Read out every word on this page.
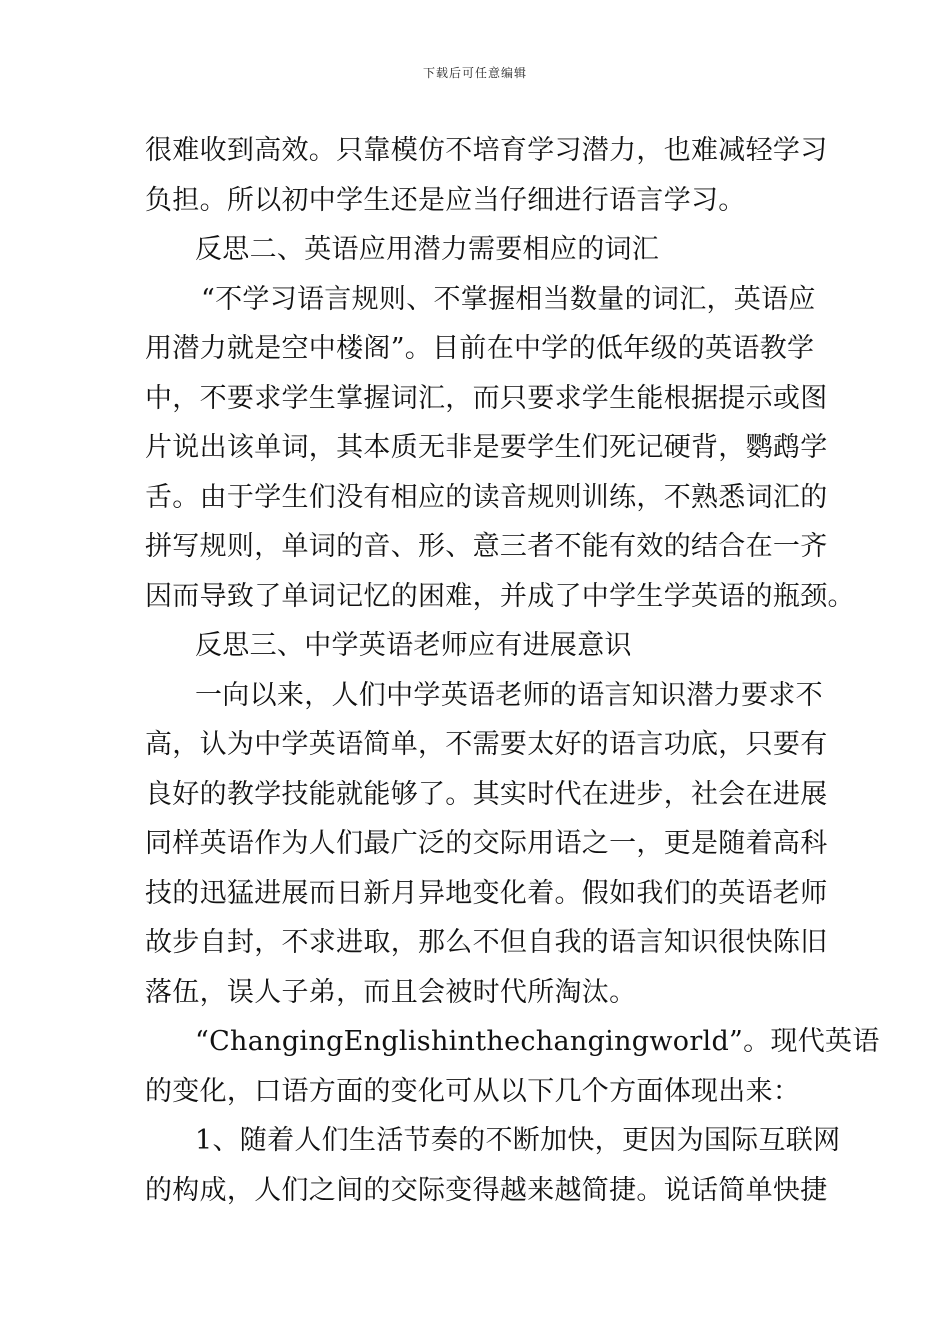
下载后可任意编辑
很难收到高效。只靠模仿不培育学习潜力，也难减轻学习
负担。所以初中学生还是应当仔细进行语言学习。
反思二、英语应用潜力需要相应的词汇
“不学习语言规则、不掌握相当数量的词汇，英语应
用潜力就是空中楼阁”。目前在中学的低年级的英语教学
中，不要求学生掌握词汇，而只要求学生能根据提示或图
片说出该单词，其本质无非是要学生们死记硬背，鹦鹉学
舌。由于学生们没有相应的读音规则训练，不熟悉词汇的
拼写规则，单词的音、形、意三者不能有效的结合在一齐
因而导致了单词记忆的困难，并成了中学生学英语的瓶颈。
反思三、中学英语老师应有进展意识
一向以来，人们中学英语老师的语言知识潜力要求不
高，认为中学英语简单，不需要太好的语言功底，只要有
良好的教学技能就能够了。其实时代在进步，社会在进展
同样英语作为人们最广泛的交际用语之一，更是随着高科
技的迅猛进展而日新月异地变化着。假如我们的英语老师
故步自封，不求进取，那么不但自我的语言知识很快陈旧
落伍，误人子弟，而且会被时代所淘汰。
“ChangingEnglishinthechangingworld”。现代英语
的变化，口语方面的变化可从以下几个方面体现出来：
1、随着人们生活节奏的不断加快，更因为国际互联网
的构成，人们之间的交际变得越来越简捷。说话简单快捷
